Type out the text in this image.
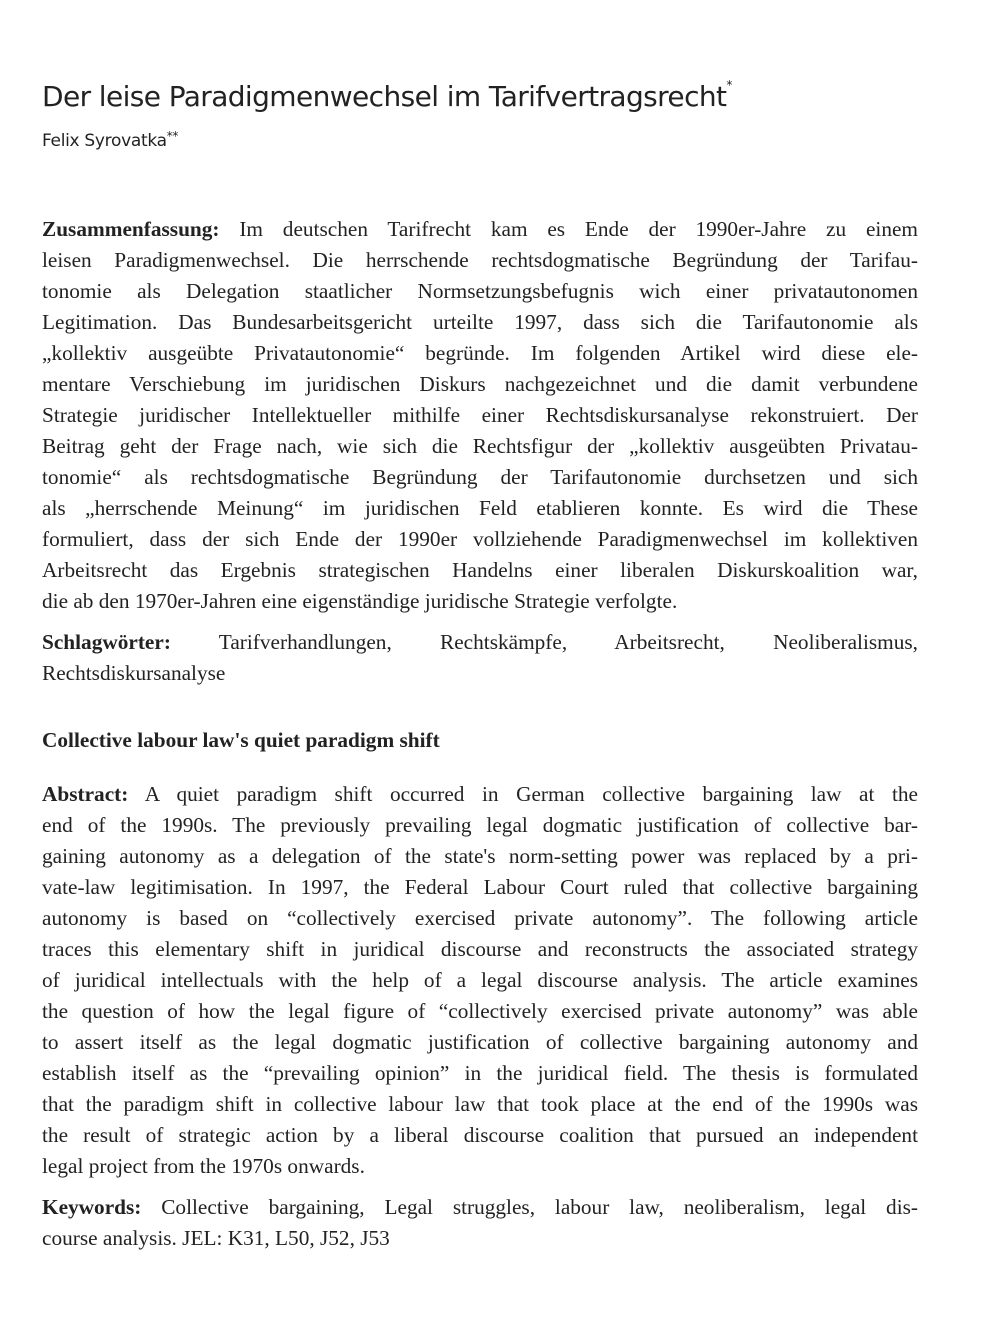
Der leise Paradigmenwechsel im Tarifvertragsrecht*
Felix Syrovatka**
Zusammenfassung: Im deutschen Tarifrecht kam es Ende der 1990er-Jahre zu einem
leisen Paradigmenwechsel. Die herrschende rechtsdogmatische Begründung der Tarifau-
tonomie als Delegation staatlicher Normsetzungsbefugnis wich einer privatautonomen
Legitimation. Das Bundesarbeitsgericht urteilte 1997, dass sich die Tarifautonomie als
„kollektiv ausgeübte Privatautonomie“ begründe. Im folgenden Artikel wird diese ele-
mentare Verschiebung im juridischen Diskurs nachgezeichnet und die damit verbundene
Strategie juridischer Intellektueller mithilfe einer Rechtsdiskursanalyse rekonstruiert. Der
Beitrag geht der Frage nach, wie sich die Rechtsfigur der „kollektiv ausgeübten Privatau-
tonomie“ als rechtsdogmatische Begründung der Tarifautonomie durchsetzen und sich
als „herrschende Meinung“ im juridischen Feld etablieren konnte. Es wird die These
formuliert, dass der sich Ende der 1990er vollziehende Paradigmenwechsel im kollektiven
Arbeitsrecht das Ergebnis strategischen Handelns einer liberalen Diskurskoalition war,
die ab den 1970er-Jahren eine eigenständige juridische Strategie verfolgte.
Schlagwörter: Tarifverhandlungen, Rechtskämpfe, Arbeitsrecht, Neoliberalismus,
Rechtsdiskursanalyse
Collective labour law's quiet paradigm shift
Abstract: A quiet paradigm shift occurred in German collective bargaining law at the
end of the 1990s. The previously prevailing legal dogmatic justification of collective bar-
gaining autonomy as a delegation of the state's norm-setting power was replaced by a pri-
vate-law legitimisation. In 1997, the Federal Labour Court ruled that collective bargaining
autonomy is based on “collectively exercised private autonomy”. The following article
traces this elementary shift in juridical discourse and reconstructs the associated strategy
of juridical intellectuals with the help of a legal discourse analysis. The article examines
the question of how the legal figure of “collectively exercised private autonomy” was able
to assert itself as the legal dogmatic justification of collective bargaining autonomy and
establish itself as the “prevailing opinion” in the juridical field. The thesis is formulated
that the paradigm shift in collective labour law that took place at the end of the 1990s was
the result of strategic action by a liberal discourse coalition that pursued an independent
legal project from the 1970s onwards.
Keywords: Collective bargaining, Legal struggles, labour law, neoliberalism, legal dis-
course analysis. JEL: K31, L50, J52, J53
